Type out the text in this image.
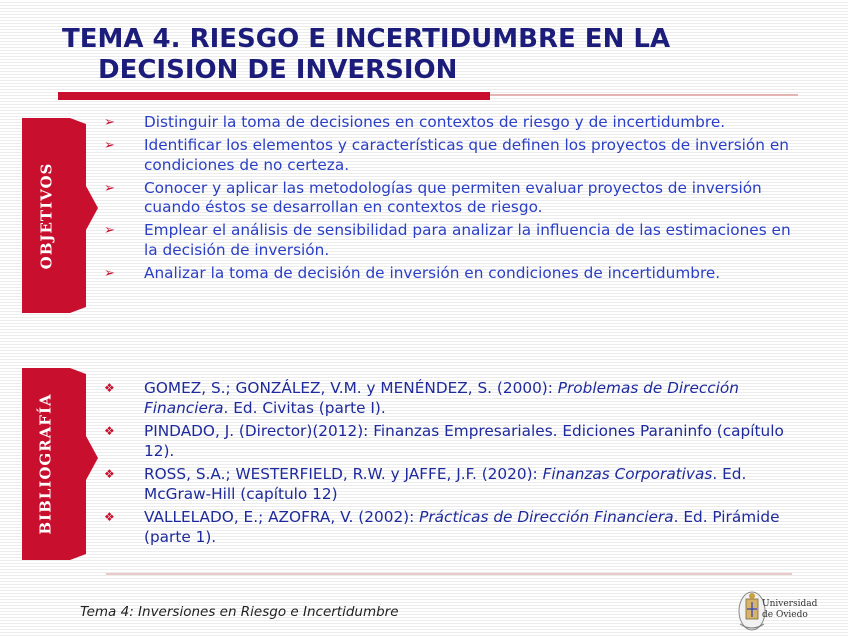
TEMA 4. RIESGO E INCERTIDUMBRE EN LA
DECISION DE INVERSION
OBJETIVOS
➢ Distinguir la toma de decisiones en contextos de riesgo y de incertidumbre.
➢ Identificar los elementos y características que definen los proyectos de inversión en condiciones de no certeza.
➢ Conocer y aplicar las metodologías que permiten evaluar proyectos de inversión cuando éstos se desarrollan en contextos de riesgo.
➢ Emplear el análisis de sensibilidad para analizar la influencia de las estimaciones en la decisión de inversión.
➢ Analizar la toma de decisión de inversión en condiciones de incertidumbre.
BIBLIOGRAFÍA
❖ GOMEZ, S.; GONZÁLEZ, V.M. y MENÉNDEZ, S. (2000): Problemas de Dirección Financiera. Ed. Civitas (parte I).
❖ PINDADO, J. (Director)(2012): Finanzas Empresariales. Ediciones Paraninfo (capítulo 12).
❖ ROSS, S.A.; WESTERFIELD, R.W. y JAFFE, J.F. (2020): Finanzas Corporativas. Ed. McGraw-Hill (capítulo 12)
❖ VALLELADO, E.; AZOFRA, V. (2002): Prácticas de Dirección Financiera. Ed. Pirámide (parte 1).
Tema 4: Inversiones en Riesgo e Incertidumbre	Universidad
de Oviedo
